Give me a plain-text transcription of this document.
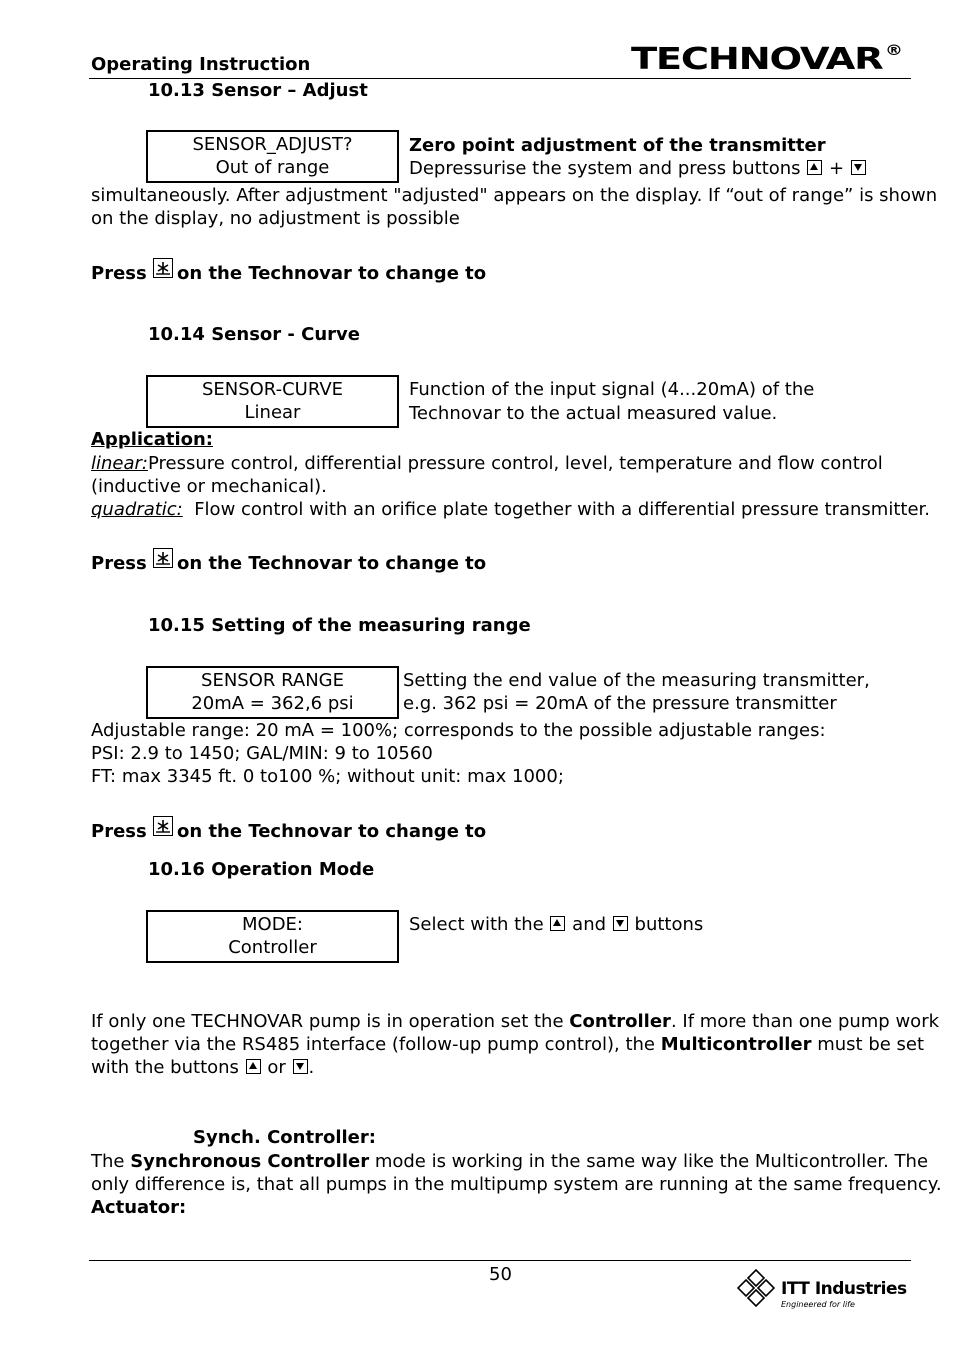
Operating Instruction	TECHNOVAR ®
10.13 Sensor – Adjust
SENSOR_ADJUST?
Out of range
Zero point adjustment of the transmitter
Depressurise the system and press buttons +
simultaneously. After adjustment "adjusted" appears on the display. If “out of range” is shown
on the display, no adjustment is possible
Press on the Technovar to change to
10.14 Sensor - Curve
SENSOR-CURVE
Linear
Function of the input signal (4...20mA) of the
Technovar to the actual measured value.
Application:
linear:Pressure control, differential pressure control, level, temperature and flow control
(inductive or mechanical).
quadratic: Flow control with an orifice plate together with a differential pressure transmitter.
Press on the Technovar to change to
10.15 Setting of the measuring range
SENSOR RANGE
20mA = 362,6 psi
Setting the end value of the measuring transmitter,
e.g. 362 psi = 20mA of the pressure transmitter
Adjustable range: 20 mA = 100%; corresponds to the possible adjustable ranges:
PSI: 2.9 to 1450; GAL/MIN: 9 to 10560
FT: max 3345 ft. 0 to100 %; without unit: max 1000;
Press on the Technovar to change to
10.16 Operation Mode
MODE:
Controller
Select with the and buttons
If only one TECHNOVAR pump is in operation set the Controller. If more than one pump work
together via the RS485 interface (follow-up pump control), the Multicontroller must be set
with the buttons or .
Synch. Controller:
The Synchronous Controller mode is working in the same way like the Multicontroller. The
only difference is, that all pumps in the multipump system are running at the same frequency.
Actuator:
50
ITT Industries
Engineered for life
